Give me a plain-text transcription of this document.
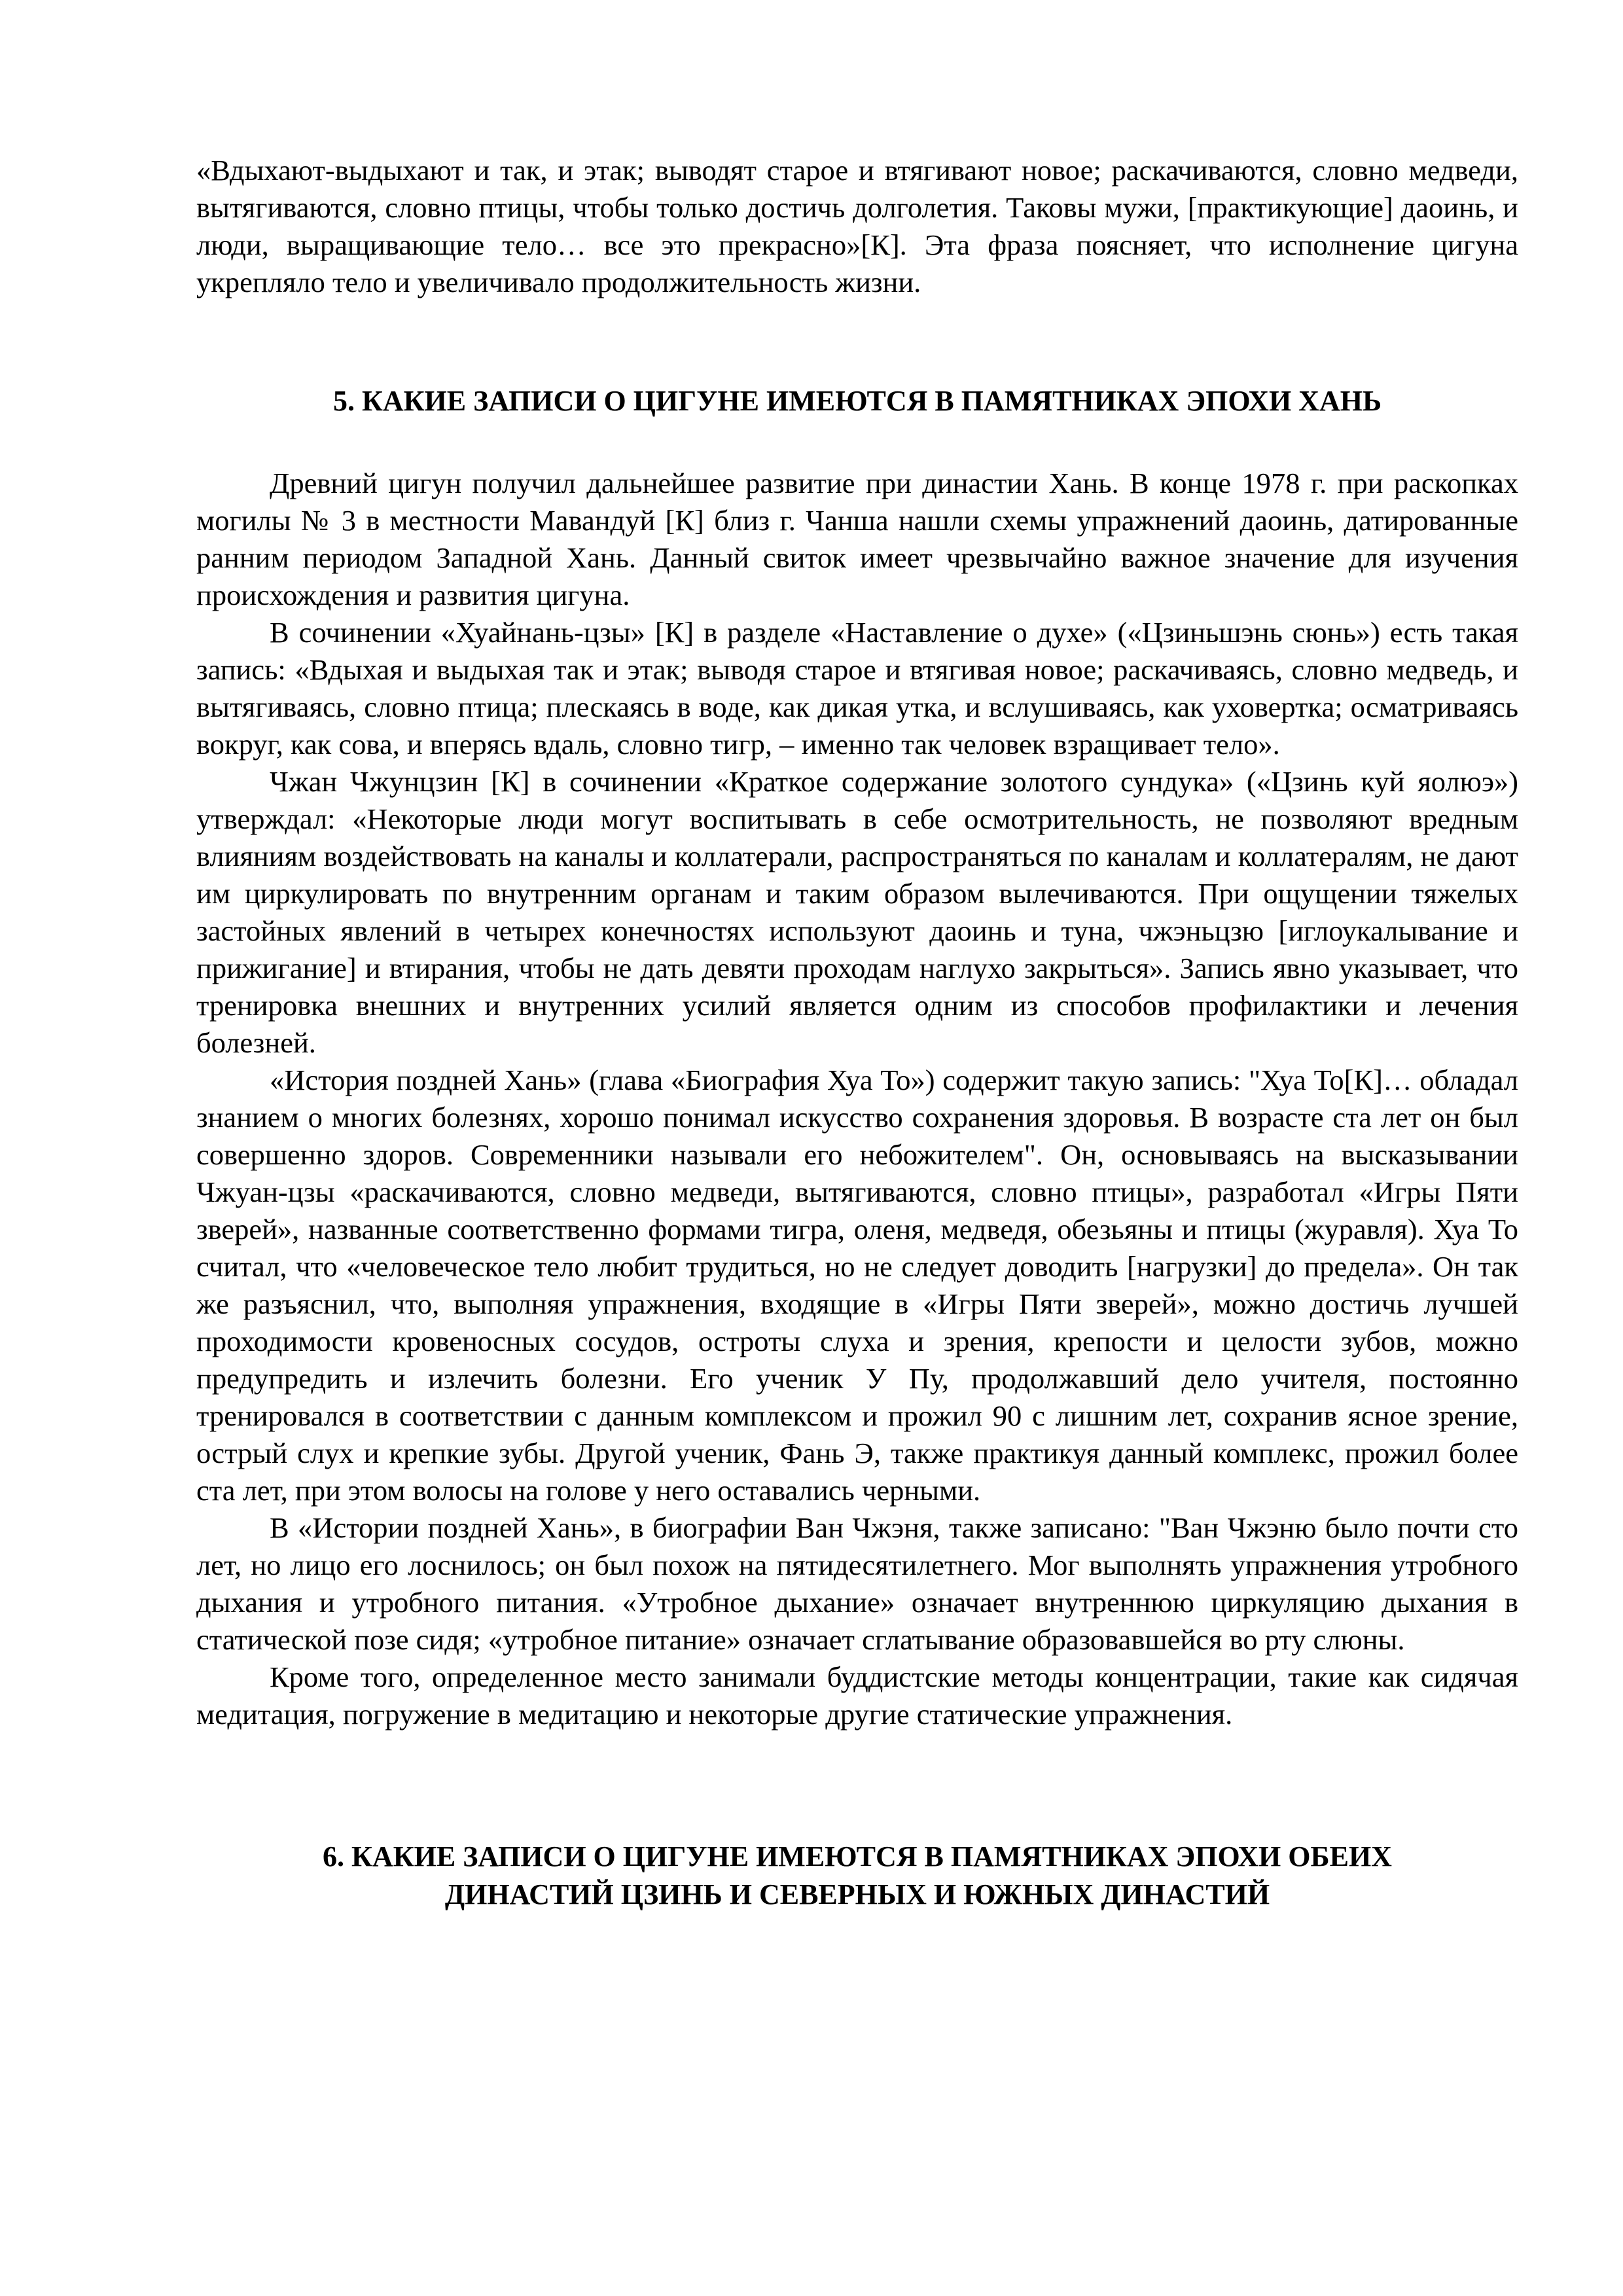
«Вдыхают-выдыхают и так, и этак; выводят старое и втягивают новое; раскачиваются, словно медведи, вытягиваются, словно птицы, чтобы только достичь долголетия. Таковы мужи, [практикующие] даоинь, и люди, выращивающие тело… все это прекрасно»[К]. Эта фраза поясняет, что исполнение цигуна укрепляло тело и увеличивало продолжительность жизни.

5. КАКИЕ ЗАПИСИ О ЦИГУНЕ ИМЕЮТСЯ В ПАМЯТНИКАХ ЭПОХИ ХАНЬ

Древний цигун получил дальнейшее развитие при династии Хань. В конце 1978 г. при раскопках могилы № 3 в местности Мавандуй [К] близ г. Чанша нашли схемы упражнений даоинь, датированные ранним периодом Западной Хань. Данный свиток имеет чрезвычайно важное значение для изучения происхождения и развития цигуна.

В сочинении «Хуайнань-цзы» [К] в разделе «Наставление о духе» («Цзиньшэнь сюнь») есть такая запись: «Вдыхая и выдыхая так и этак; выводя старое и втягивая новое; раскачиваясь, словно медведь, и вытягиваясь, словно птица; плескаясь в воде, как дикая утка, и вслушиваясь, как уховертка; осматриваясь вокруг, как сова, и вперясь вдаль, словно тигр, – именно так человек взращивает тело».

Чжан Чжунцзин [К] в сочинении «Краткое содержание золотого сундука» («Цзинь куй яолюэ») утверждал: «Некоторые люди могут воспитывать в себе осмотрительность, не позволяют вредным влияниям воздействовать на каналы и коллатерали, распространяться по каналам и коллатералям, не дают им циркулировать по внутренним органам и таким образом вылечиваются. При ощущении тяжелых застойных явлений в четырех конечностях используют даоинь и туна, чжэньцзю [иглоукалывание и прижигание] и втирания, чтобы не дать девяти проходам наглухо закрыться». Запись явно указывает, что тренировка внешних и внутренних усилий является одним из способов профилактики и лечения болезней.

«История поздней Хань» (глава «Биография Хуа То») содержит такую запись: "Хуа То[К]… обладал знанием о многих болезнях, хорошо понимал искусство сохранения здоровья. В возрасте ста лет он был совершенно здоров. Современники называли его небожителем". Он, основываясь на высказывании Чжуан-цзы «раскачиваются, словно медведи, вытягиваются, словно птицы», разработал «Игры Пяти зверей», названные соответственно формами тигра, оленя, медведя, обезьяны и птицы (журавля). Хуа То считал, что «человеческое тело любит трудиться, но не следует доводить [нагрузки] до предела». Он так же разъяснил, что, выполняя упражнения, входящие в «Игры Пяти зверей», можно достичь лучшей проходимости кровеносных сосудов, остроты слуха и зрения, крепости и целости зубов, можно предупредить и излечить болезни. Его ученик У Пу, продолжавший дело учителя, постоянно тренировался в соответствии с данным комплексом и прожил 90 с лишним лет, сохранив ясное зрение, острый слух и крепкие зубы. Другой ученик, Фань Э, также практикуя данный комплекс, прожил более ста лет, при этом волосы на голове у него оставались черными.

В «Истории поздней Хань», в биографии Ван Чжэня, также записано: "Ван Чжэню было почти сто лет, но лицо его лоснилось; он был похож на пятидесятилетнего. Мог выполнять упражнения утробного дыхания и утробного питания. «Утробное дыхание» означает внутреннюю циркуляцию дыхания в статической позе сидя; «утробное питание» означает сглатывание образовавшейся во рту слюны.

Кроме того, определенное место занимали буддистские методы концентрации, такие как сидячая медитация, погружение в медитацию и некоторые другие статические упражнения.

6. КАКИЕ ЗАПИСИ О ЦИГУНЕ ИМЕЮТСЯ В ПАМЯТНИКАХ ЭПОХИ ОБЕИХ
ДИНАСТИЙ ЦЗИНЬ И СЕВЕРНЫХ И ЮЖНЫХ ДИНАСТИЙ
